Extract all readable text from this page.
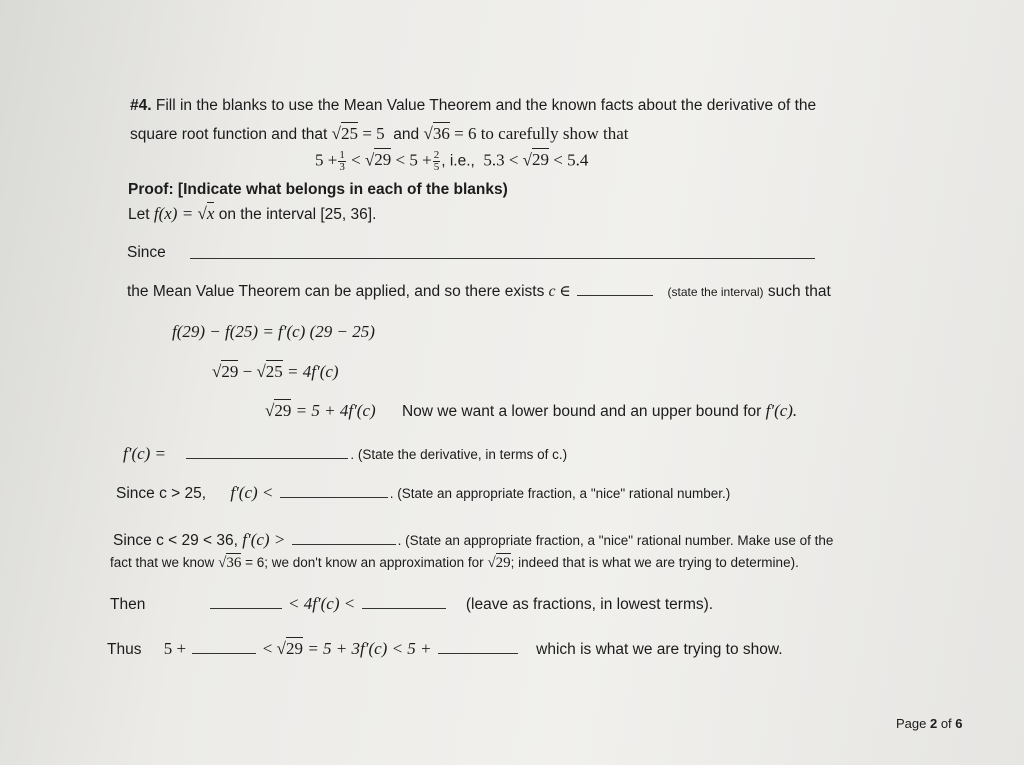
#4. Fill in the blanks to use the Mean Value Theorem and the known facts about the derivative of the
square root function and that √25 = 5 and √36 = 6 to carefully show that
$5 + \frac{1}{3} < √29 < 5 + \frac{2}{5}$ , i.e., 5.3 < √29 < 5.4
Proof: [Indicate what belongs in each of the blanks)
Let f(x) = √x on the interval [25, 36].
Since
the Mean Value Theorem can be applied, and so there exists c ∈	(state the interval) such that
f(29) − f(25) = f′(c) (29 − 25)
√29 − √25 = 4f′(c)
√29 = 5 + 4f′(c) Now we want a lower bound and an upper bound for f′(c).
f′(c) =	. (State the derivative, in terms of c.)
Since c > 25, f′(c) <	. (State an appropriate fraction, a "nice" rational number.)
Since c < 29 < 36, f′(c) >	. (State an appropriate fraction, a "nice" rational number. Make use of the
fact that we know √36 = 6; we don't know an approximation for √29; indeed that is what we are trying to determine).
Then	< 4f′(c) <	(leave as fractions, in lowest terms).
Thus 5 +	< √29 = 5 + 3f′(c) < 5 +	which is what we are trying to show.
Page 2 of 6
